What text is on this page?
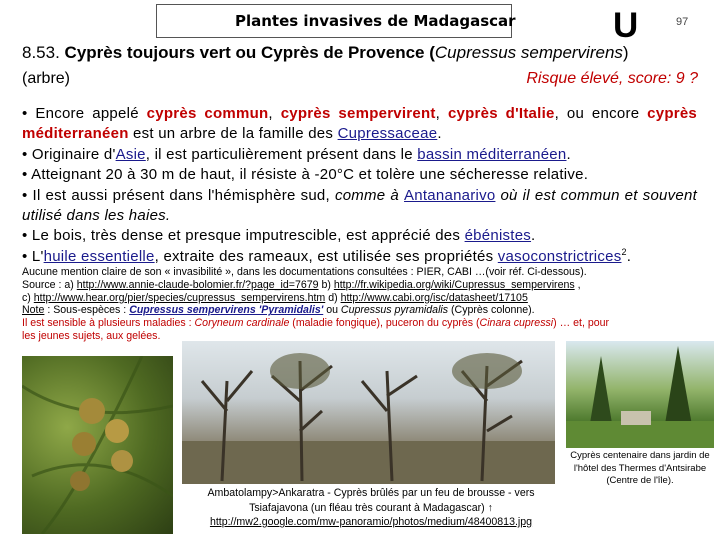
Plantes invasives de Madagascar	U	97
8.53. Cyprès toujours vert ou Cyprès de Provence (Cupressus sempervirens)
(arbre)	Risque élevé, score: 9 ?

• Encore appelé cyprès commun, cyprès sempervirent, cyprès d'Italie, ou encore cyprès méditerranéen est un arbre de la famille des Cupressaceae.

• Originaire d'Asie, il est particulièrement présent dans le bassin méditerranéen.

• Atteignant 20 à 30 m de haut, il résiste à -20°C et tolère une sécheresse relative.

• Il est aussi présent dans l'hémisphère sud, comme à Antananarivo où il est commun et souvent utilisé dans les haies.

• Le bois, très dense et presque imputrescible, est apprécié des ébénistes.

• L'huile essentielle, extraite des rameaux, est utilisée ses propriétés vasoconstrictrices$^2$.

Aucune mention claire de son « invasibilité », dans les documentations consultées : PIER, CABI …(voir réf. Ci-dessous).

Source : a) http://www.annie-claude-bolomier.fr/?page_id=7679 b) http://fr.wikipedia.org/wiki/Cupressus_sempervirens ,

c) http://www.hear.org/pier/species/cupressus_sempervirens.htm d) http://www.cabi.org/isc/datasheet/17105

Note : Sous-espèces : Cupressus sempervirens 'Pyramidalis' ou Cupressus pyramidalis (Cyprès colonne).

Il est sensible à plusieurs maladies : Coryneum cardinale (maladie fongique), puceron du cyprès (Cinara cupressi) … et, pour

les jeunes sujets, aux gelées.

Ambatolampy>Ankaratra - Cyprès brûlés par un feu de brousse - vers

Tsiafajavona (un fléau très courant à Madagascar) ↑

http://mw2.google.com/mw-panoramio/photos/medium/48400813.jpg

Cyprès centenaire dans jardin de l'hôtel des Thermes d'Antsirabe (Centre de l'île).
